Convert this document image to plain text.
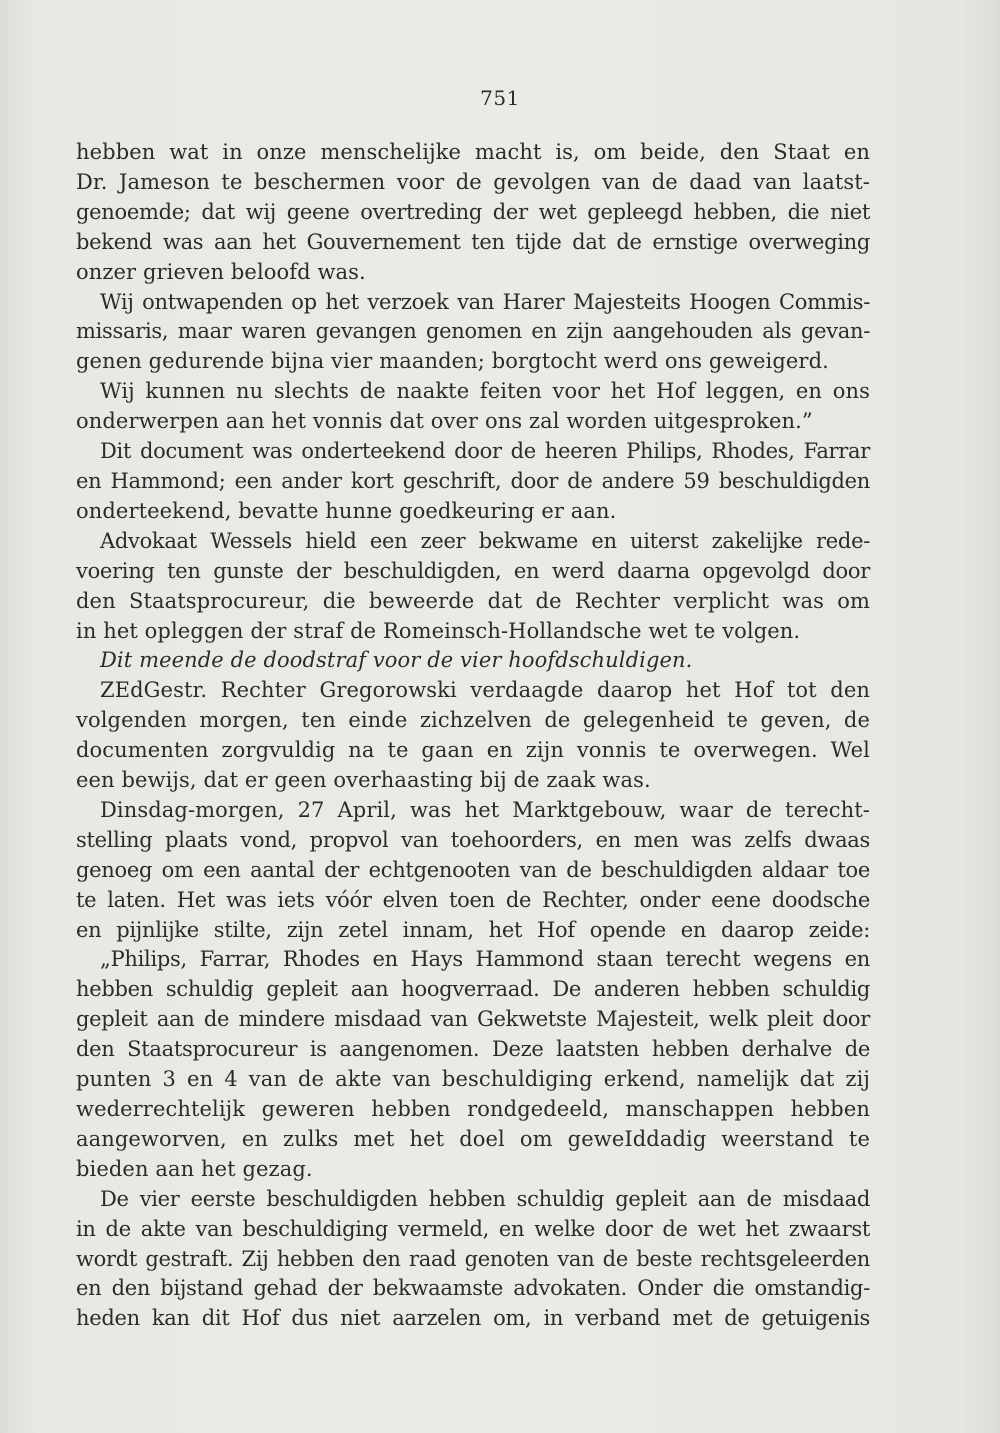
751

hebben wat in onze menschelijke macht is, om beide, den Staat en

Dr. Jameson te beschermen voor de gevolgen van de daad van laatst-

genoemde; dat wij geene overtreding der wet gepleegd hebben, die niet

bekend was aan het Gouvernement ten tijde dat de ernstige overweging

onzer grieven beloofd was.

Wij ontwapenden op het verzoek van Harer Majesteits Hoogen Commis-

missaris, maar waren gevangen genomen en zijn aangehouden als gevan-

genen gedurende bijna vier maanden; borgtocht werd ons geweigerd.

Wij kunnen nu slechts de naakte feiten voor het Hof leggen, en ons

onderwerpen aan het vonnis dat over ons zal worden uitgesproken.”

Dit document was onderteekend door de heeren Philips, Rhodes, Farrar

en Hammond; een ander kort geschrift, door de andere 59 beschuldigden

onderteekend, bevatte hunne goedkeuring er aan.

Advokaat Wessels hield een zeer bekwame en uiterst zakelijke rede-

voering ten gunste der beschuldigden, en werd daarna opgevolgd door

den Staatsprocureur, die beweerde dat de Rechter verplicht was om

in het opleggen der straf de Romeinsch-Hollandsche wet te volgen.

Dit meende de doodstraf voor de vier hoofdschuldigen.

ZEdGestr. Rechter Gregorowski verdaagde daarop het Hof tot den

volgenden morgen, ten einde zichzelven de gelegenheid te geven, de

documenten zorgvuldig na te gaan en zijn vonnis te overwegen. Wel

een bewijs, dat er geen overhaasting bij de zaak was.

Dinsdag-morgen, 27 April, was het Marktgebouw, waar de terecht-

stelling plaats vond, propvol van toehoorders, en men was zelfs dwaas

genoeg om een aantal der echtgenooten van de beschuldigden aldaar toe

te laten. Het was iets vóór elven toen de Rechter, onder eene doodsche

en pijnlijke stilte, zijn zetel innam, het Hof opende en daarop zeide:

„Philips, Farrar, Rhodes en Hays Hammond staan terecht wegens en

hebben schuldig gepleit aan hoogverraad. De anderen hebben schuldig

gepleit aan de mindere misdaad van Gekwetste Majesteit, welk pleit door

den Staatsprocureur is aangenomen. Deze laatsten hebben derhalve de

punten 3 en 4 van de akte van beschuldiging erkend, namelijk dat zij

wederrechtelijk geweren hebben rondgedeeld, manschappen hebben

aangeworven, en zulks met het doel om geweIddadig weerstand te

bieden aan het gezag.

De vier eerste beschuldigden hebben schuldig gepleit aan de misdaad

in de akte van beschuldiging vermeld, en welke door de wet het zwaarst

wordt gestraft. Zij hebben den raad genoten van de beste rechtsgeleerden

en den bijstand gehad der bekwaamste advokaten. Onder die omstandig-

heden kan dit Hof dus niet aarzelen om, in verband met de getuigenis
